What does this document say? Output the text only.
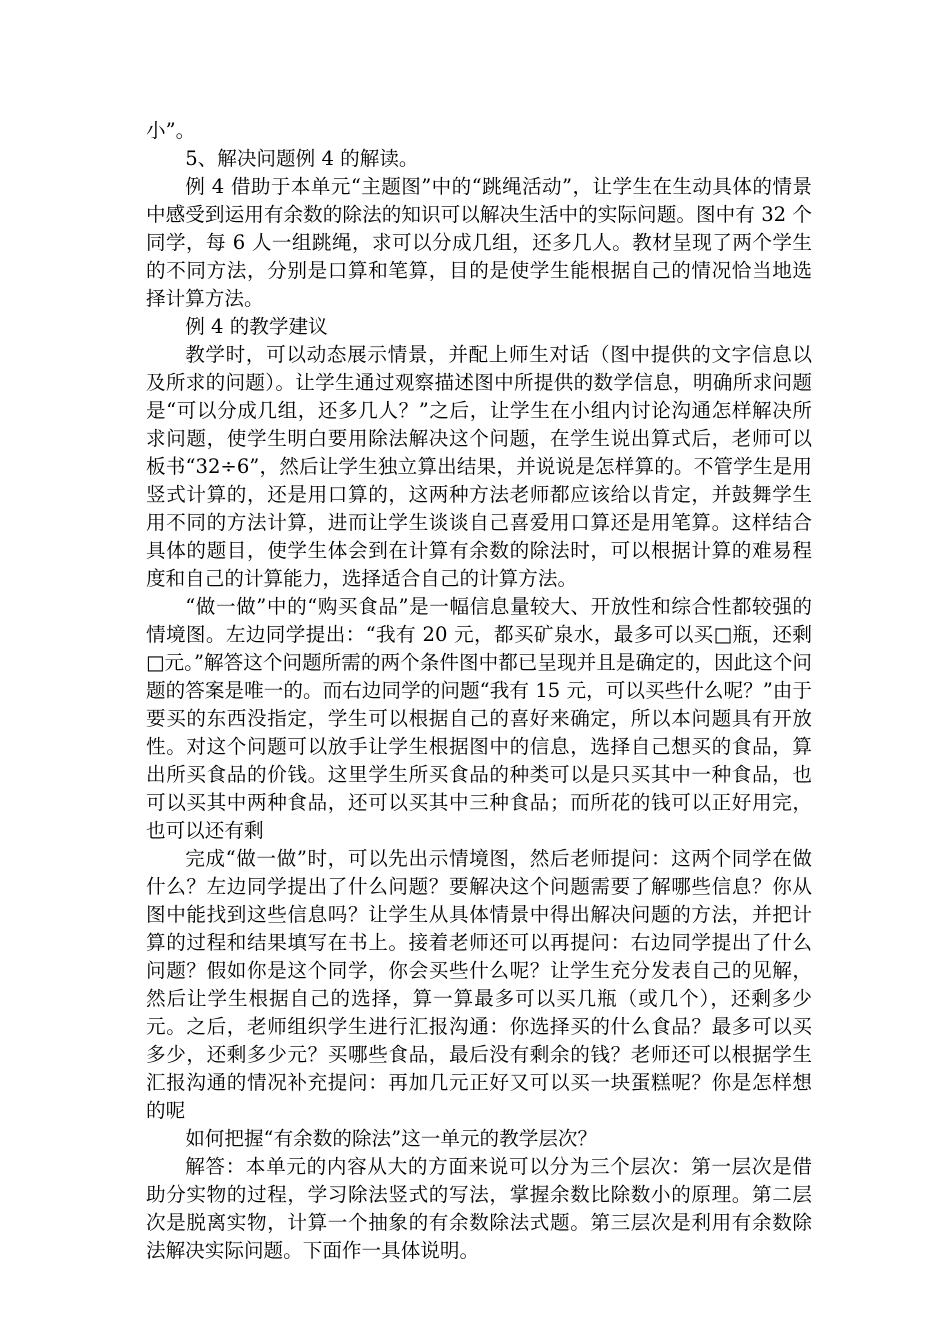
小”。

5、解决问题例 4 的解读。

例 4 借助于本单元“主题图”中的“跳绳活动”，让学生在生动具体的情景中感受到运用有余数的除法的知识可以解决生活中的实际问题。图中有 32 个同学，每 6 人一组跳绳，求可以分成几组，还多几人。教材呈现了两个学生的不同方法，分别是口算和笔算，目的是使学生能根据自己的情况恰当地选择计算方法。

例 4 的教学建议

教学时，可以动态展示情景，并配上师生对话（图中提供的文字信息以及所求的问题）。让学生通过观察描述图中所提供的数学信息，明确所求问题是“可以分成几组，还多几人？”之后，让学生在小组内讨论沟通怎样解决所求问题，使学生明白要用除法解决这个问题，在学生说出算式后，老师可以板书“32÷6”，然后让学生独立算出结果，并说说是怎样算的。不管学生是用竖式计算的，还是用口算的，这两种方法老师都应该给以肯定，并鼓舞学生用不同的方法计算，进而让学生谈谈自己喜爱用口算还是用笔算。这样结合具体的题目，使学生体会到在计算有余数的除法时，可以根据计算的难易程度和自己的计算能力，选择适合自己的计算方法。

“做一做”中的“购买食品”是一幅信息量较大、开放性和综合性都较强的情境图。左边同学提出：“我有 20 元，都买矿泉水，最多可以买□瓶，还剩□元。”解答这个问题所需的两个条件图中都已呈现并且是确定的，因此这个问题的答案是唯一的。而右边同学的问题“我有 15 元，可以买些什么呢？”由于要买的东西没指定，学生可以根据自己的喜好来确定，所以本问题具有开放性。对这个问题可以放手让学生根据图中的信息，选择自己想买的食品，算出所买食品的价钱。这里学生所买食品的种类可以是只买其中一种食品，也可以买其中两种食品，还可以买其中三种食品；而所花的钱可以正好用完，也可以还有剩

完成“做一做”时，可以先出示情境图，然后老师提问：这两个同学在做什么？左边同学提出了什么问题？要解决这个问题需要了解哪些信息？你从图中能找到这些信息吗？让学生从具体情景中得出解决问题的方法，并把计算的过程和结果填写在书上。接着老师还可以再提问：右边同学提出了什么问题？假如你是这个同学，你会买些什么呢？让学生充分发表自己的见解，然后让学生根据自己的选择，算一算最多可以买几瓶（或几个），还剩多少元。之后，老师组织学生进行汇报沟通：你选择买的什么食品？最多可以买多少，还剩多少元？买哪些食品，最后没有剩余的钱？老师还可以根据学生汇报沟通的情况补充提问：再加几元正好又可以买一块蛋糕呢？你是怎样想的呢

如何把握“有余数的除法”这一单元的教学层次？

解答：本单元的内容从大的方面来说可以分为三个层次：第一层次是借助分实物的过程，学习除法竖式的写法，掌握余数比除数小的原理。第二层次是脱离实物，计算一个抽象的有余数除法式题。第三层次是利用有余数除法解决实际问题。下面作一具体说明。
